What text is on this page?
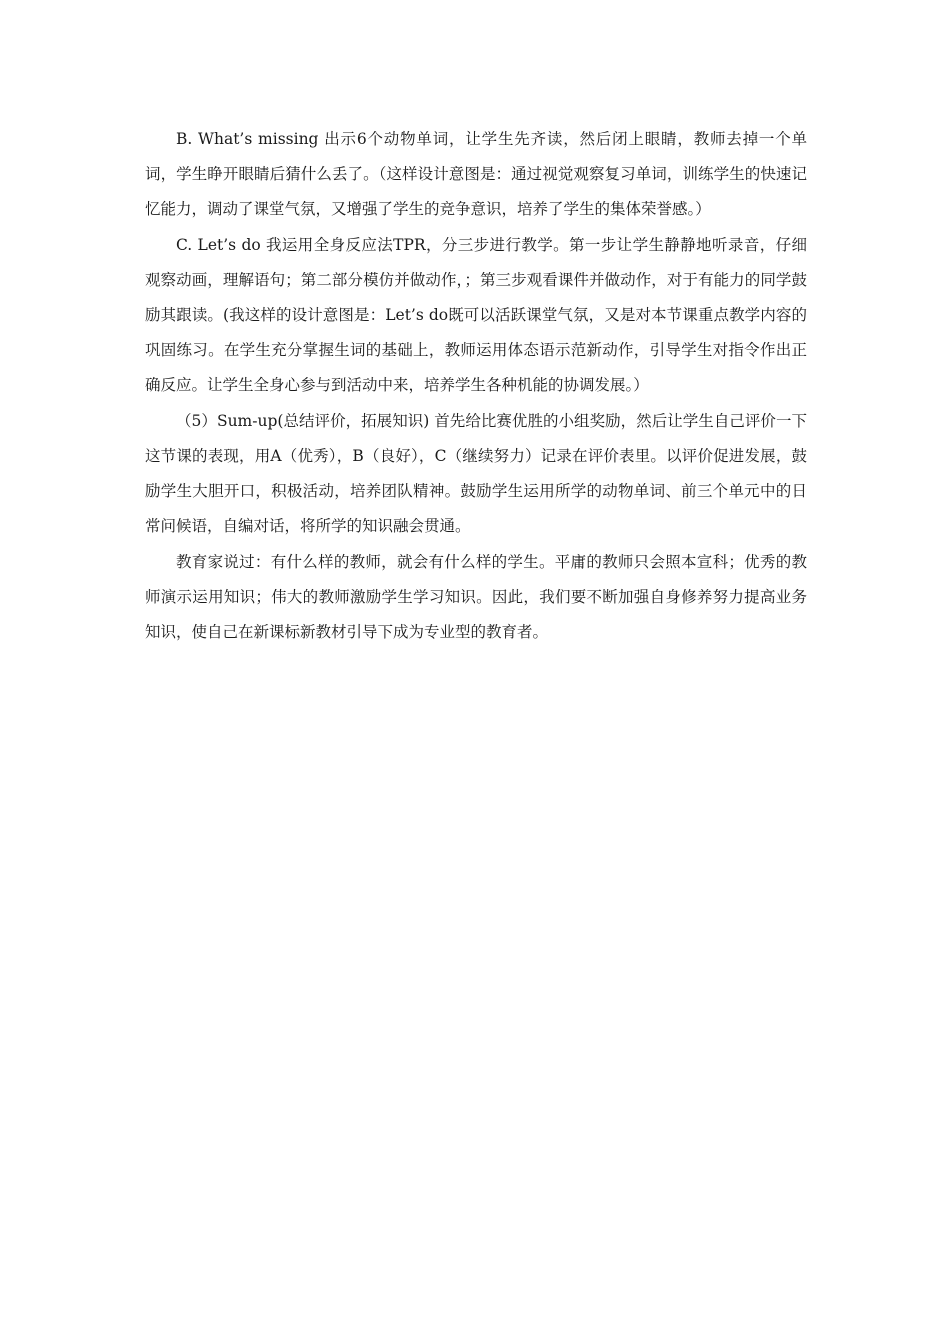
B. What’s missing 出示6个动物单词，让学生先齐读，然后闭上眼睛，教师去掉一个单词，学生睁开眼睛后猜什么丢了。（这样设计意图是：通过视觉观察复习单词，训练学生的快速记忆能力，调动了课堂气氛，又增强了学生的竞争意识，培养了学生的集体荣誉感。）

C. Let’s do 我运用全身反应法TPR，分三步进行教学。第一步让学生静静地听录音，仔细观察动画，理解语句；第二部分模仿并做动作，；第三步观看课件并做动作，对于有能力的同学鼓励其跟读。(我这样的设计意图是：Let’s do既可以活跃课堂气氛，又是对本节课重点教学内容的巩固练习。在学生充分掌握生词的基础上，教师运用体态语示范新动作，引导学生对指令作出正确反应。让学生全身心参与到活动中来，培养学生各种机能的协调发展。）

（5）Sum-up(总结评价，拓展知识) 首先给比赛优胜的小组奖励，然后让学生自己评价一下这节课的表现，用A（优秀），B（良好），C（继续努力）记录在评价表里。以评价促进发展，鼓励学生大胆开口，积极活动，培养团队精神。鼓励学生运用所学的动物单词、前三个单元中的日常问候语，自编对话，将所学的知识融会贯通。

教育家说过：有什么样的教师，就会有什么样的学生。平庸的教师只会照本宣科；优秀的教师演示运用知识；伟大的教师激励学生学习知识。因此，我们要不断加强自身修养努力提高业务知识，使自己在新课标新教材引导下成为专业型的教育者。
